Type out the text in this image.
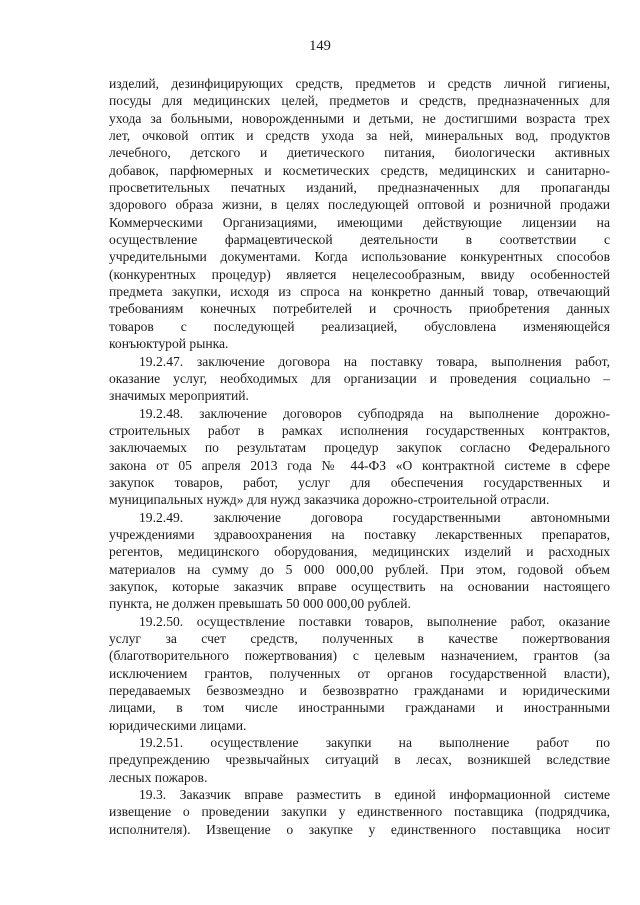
149
изделий, дезинфицирующих средств, предметов и средств личной гигиены,
посуды для медицинских целей, предметов и средств, предназначенных для
ухода за больными, новорожденными и детьми, не достигшими возраста трех
лет, очковой оптик и средств ухода за ней, минеральных вод, продуктов
лечебного, детского и диетического питания, биологически активных
добавок, парфюмерных и косметических средств, медицинских и санитарно-
просветительных печатных изданий, предназначенных для пропаганды
здорового образа жизни, в целях последующей оптовой и розничной продажи
Коммерческими Организациями, имеющими действующие лицензии на
осуществление фармацевтической деятельности в соответствии с
учредительными документами. Когда использование конкурентных способов
(конкурентных процедур) является нецелесообразным, ввиду особенностей
предмета закупки, исходя из спроса на конкретно данный товар, отвечающий
требованиям конечных потребителей и срочность приобретения данных
товаров с последующей реализацией, обусловлена изменяющейся
конъюктурой рынка.
19.2.47. заключение договора на поставку товара, выполнения работ,
оказание услуг, необходимых для организации и проведения социально –
значимых мероприятий.
19.2.48. заключение договоров субподряда на выполнение дорожно-
строительных работ в рамках исполнения государственных контрактов,
заключаемых по результатам процедур закупок согласно Федерального
закона от 05 апреля 2013 года № 44-ФЗ «О контрактной системе в сфере
закупок товаров, работ, услуг для обеспечения государственных и
муниципальных нужд» для нужд заказчика дорожно-строительной отрасли.
19.2.49. заключение договора государственными автономными
учреждениями здравоохранения на поставку лекарственных препаратов,
регентов, медицинского оборудования, медицинских изделий и расходных
материалов на сумму до 5 000 000,00 рублей. При этом, годовой объем
закупок, которые заказчик вправе осуществить на основании настоящего
пункта, не должен превышать 50 000 000,00 рублей.
19.2.50. осуществление поставки товаров, выполнение работ, оказание
услуг за счет средств, полученных в качестве пожертвования
(благотворительного пожертвования) с целевым назначением, грантов (за
исключением грантов, полученных от органов государственной власти),
передаваемых безвозмездно и безвозвратно гражданами и юридическими
лицами, в том числе иностранными гражданами и иностранными
юридическими лицами.
19.2.51. осуществление закупки на выполнение работ по
предупреждению чрезвычайных ситуаций в лесах, возникшей вследствие
лесных пожаров.
19.3. Заказчик вправе разместить в единой информационной системе
извещение о проведении закупки у единственного поставщика (подрядчика,
исполнителя). Извещение о закупке у единственного поставщика носит
